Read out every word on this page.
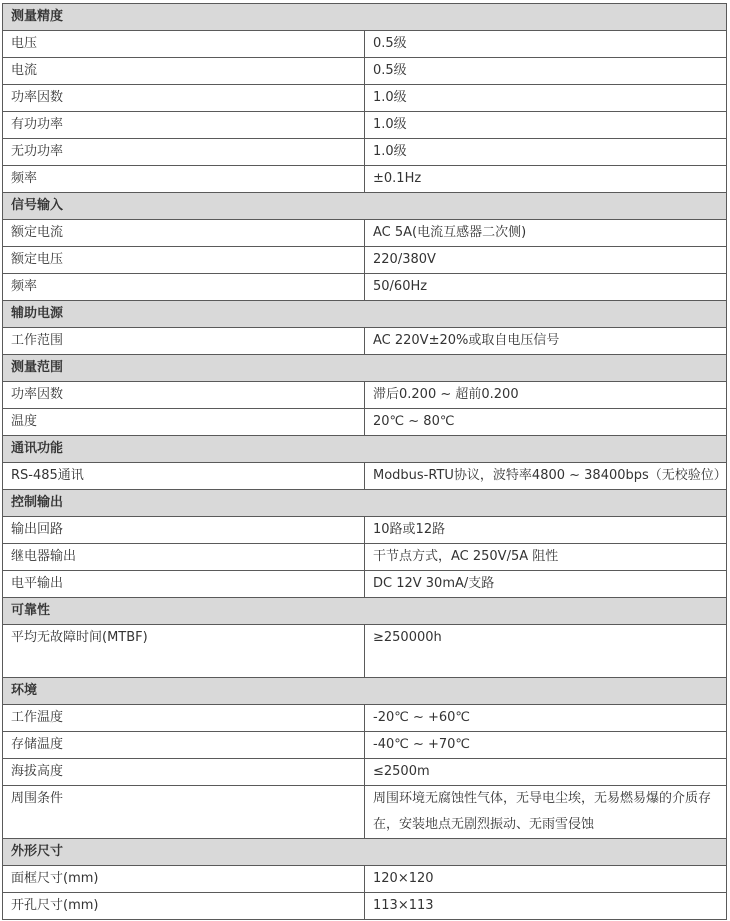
测量精度	
电压	0.5级
电流	0.5级
功率因数	1.0级
有功功率	1.0级
无功功率	1.0级
频率	±0.1Hz
信号输入	
额定电流	AC 5A(电流互感器二次侧)
额定电压	220/380V
频率	50/60Hz
辅助电源	
工作范围	AC 220V±20%或取自电压信号
测量范围	
功率因数	滞后0.200 ~ 超前0.200
温度	20℃ ~ 80℃
通讯功能	
RS-485通讯	Modbus-RTU协议，波特率4800 ~ 38400bps（无校验位）
控制输出	
输出回路	10路或12路
继电器输出	干节点方式，AC 250V/5A 阻性
电平输出	DC 12V 30mA/支路
可靠性	

平均无故障时间(MTBF)	≥250000h
环境	
工作温度	-20℃ ~ +60℃
存储温度	-40℃ ~ +70℃
海拔高度	≤2500m
周围条件	周围环境无腐蚀性气体，无导电尘埃，无易燃易爆的介质存在，安装地点无剧烈振动、无雨雪侵蚀
外形尺寸	
面框尺寸(mm)	120×120
开孔尺寸(mm)	113×113
